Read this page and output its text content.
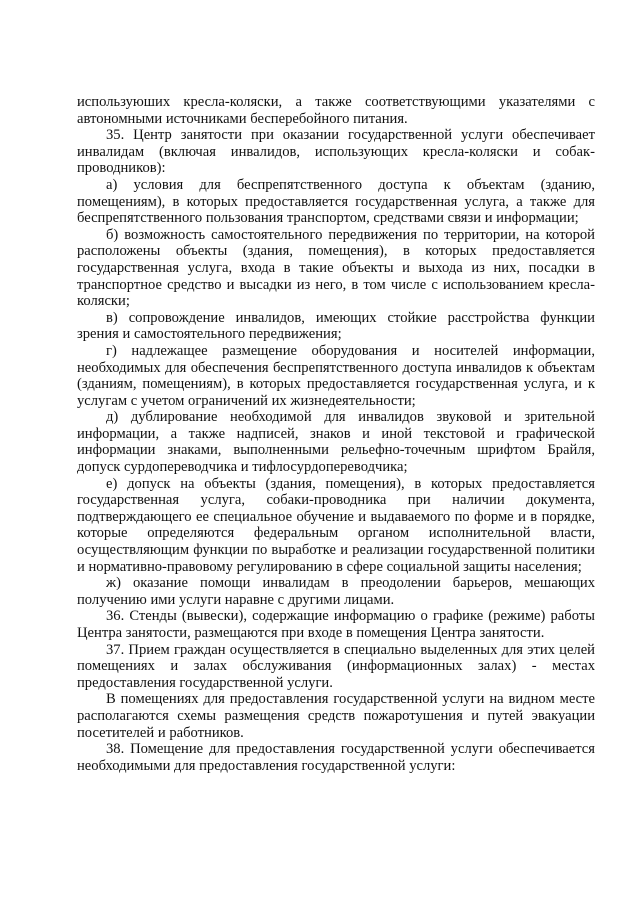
используюших кресла-коляски, а также соответствующими указателями с автономными источниками бесперебойного питания.

35. Центр занятости при оказании государственной услуги обеспечивает инвалидам (включая инвалидов, использующих кресла-коляски и собак-проводников):

а) условия для беспрепятственного доступа к объектам (зданию, помещениям), в которых предоставляется государственная услуга, а также для беспрепятственного пользования транспортом, средствами связи и информации;

б) возможность самостоятельного передвижения по территории, на которой расположены объекты (здания, помещения), в которых предоставляется государственная услуга, входа в такие объекты и выхода из них, посадки в транспортное средство и высадки из него, в том числе с использованием кресла-коляски;

в) сопровождение инвалидов, имеющих стойкие расстройства функции зрения и самостоятельного передвижения;

г) надлежащее размещение оборудования и носителей информации, необходимых для обеспечения беспрепятственного доступа инвалидов к объектам (зданиям, помещениям), в которых предоставляется государственная услуга, и к услугам с учетом ограничений их жизнедеятельности;

д) дублирование необходимой для инвалидов звуковой и зрительной информации, а также надписей, знаков и иной текстовой и графической информации знаками, выполненными рельефно-точечным шрифтом Брайля, допуск сурдопереводчика и тифлосурдопереводчика;

е) допуск на объекты (здания, помещения), в которых предоставляется государственная услуга, собаки-проводника при наличии документа, подтверждающего ее специальное обучение и выдаваемого по форме и в порядке, которые определяются федеральным органом исполнительной власти, осуществляющим функции по выработке и реализации государственной политики и нормативно-правовому регулированию в сфере социальной защиты населения;

ж) оказание помощи инвалидам в преодолении барьеров, мешающих получению ими услуги наравне с другими лицами.

36. Стенды (вывески), содержащие информацию о графике (режиме) работы Центра занятости, размещаются при входе в помещения Центра занятости.

37. Прием граждан осуществляется в специально выделенных для этих целей помещениях и залах обслуживания (информационных залах) - местах предоставления государственной услуги.

В помещениях для предоставления государственной услуги на видном месте располагаются схемы размещения средств пожаротушения и путей эвакуации посетителей и работников.

38. Помещение для предоставления государственной услуги обеспечивается необходимыми для предоставления государственной услуги:
